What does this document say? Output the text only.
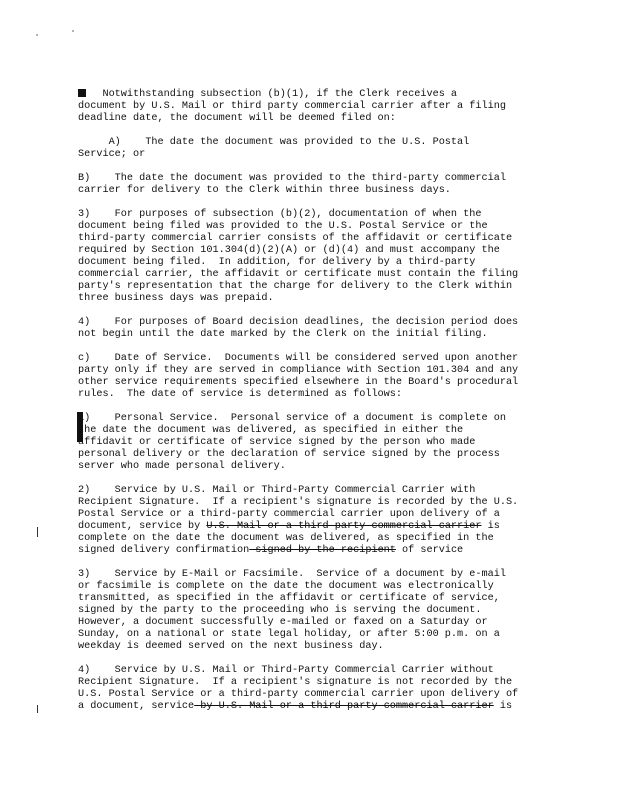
Notwithstanding subsection (b)(1), if the Clerk receives a

document by U.S. Mail or third party commercial carrier after a filing

deadline date, the document will be deemed filed on:

A)    The date the document was provided to the U.S. Postal

Service; or

B)    The date the document was provided to the third-party commercial

carrier for delivery to the Clerk within three business days.

3)    For purposes of subsection (b)(2), documentation of when the

document being filed was provided to the U.S. Postal Service or the

third-party commercial carrier consists of the affidavit or certificate

required by Section 101.304(d)(2)(A) or (d)(4) and must accompany the

document being filed.  In addition, for delivery by a third-party

commercial carrier, the affidavit or certificate must contain the filing

party's representation that the charge for delivery to the Clerk within

three business days was prepaid.

4)    For purposes of Board decision deadlines, the decision period does

not begin until the date marked by the Clerk on the initial filing.

c)    Date of Service.  Documents will be considered served upon another

party only if they are served in compliance with Section 101.304 and any

other service requirements specified elsewhere in the Board's procedural

rules.  The date of service is determined as follows:

1)    Personal Service.  Personal service of a document is complete on

the date the document was delivered, as specified in either the

affidavit or certificate of service signed by the person who made

personal delivery or the declaration of service signed by the process

server who made personal delivery.

2)    Service by U.S. Mail or Third-Party Commercial Carrier with

Recipient Signature.  If a recipient's signature is recorded by the U.S.

Postal Service or a third-party commercial carrier upon delivery of a

document, service by U.S. Mail or a third party commercial carrier is

complete on the date the document was delivered, as specified in the

signed delivery confirmation signed by the recipient of service

3)    Service by E-Mail or Facsimile.  Service of a document by e-mail

or facsimile is complete on the date the document was electronically

transmitted, as specified in the affidavit or certificate of service,

signed by the party to the proceeding who is serving the document.

However, a document successfully e-mailed or faxed on a Saturday or

Sunday, on a national or state legal holiday, or after 5:00 p.m. on a

weekday is deemed served on the next business day.

4)    Service by U.S. Mail or Third-Party Commercial Carrier without

Recipient Signature.  If a recipient's signature is not recorded by the

U.S. Postal Service or a third-party commercial carrier upon delivery of

a document, service by U.S. Mail or a third party commercial carrier is
